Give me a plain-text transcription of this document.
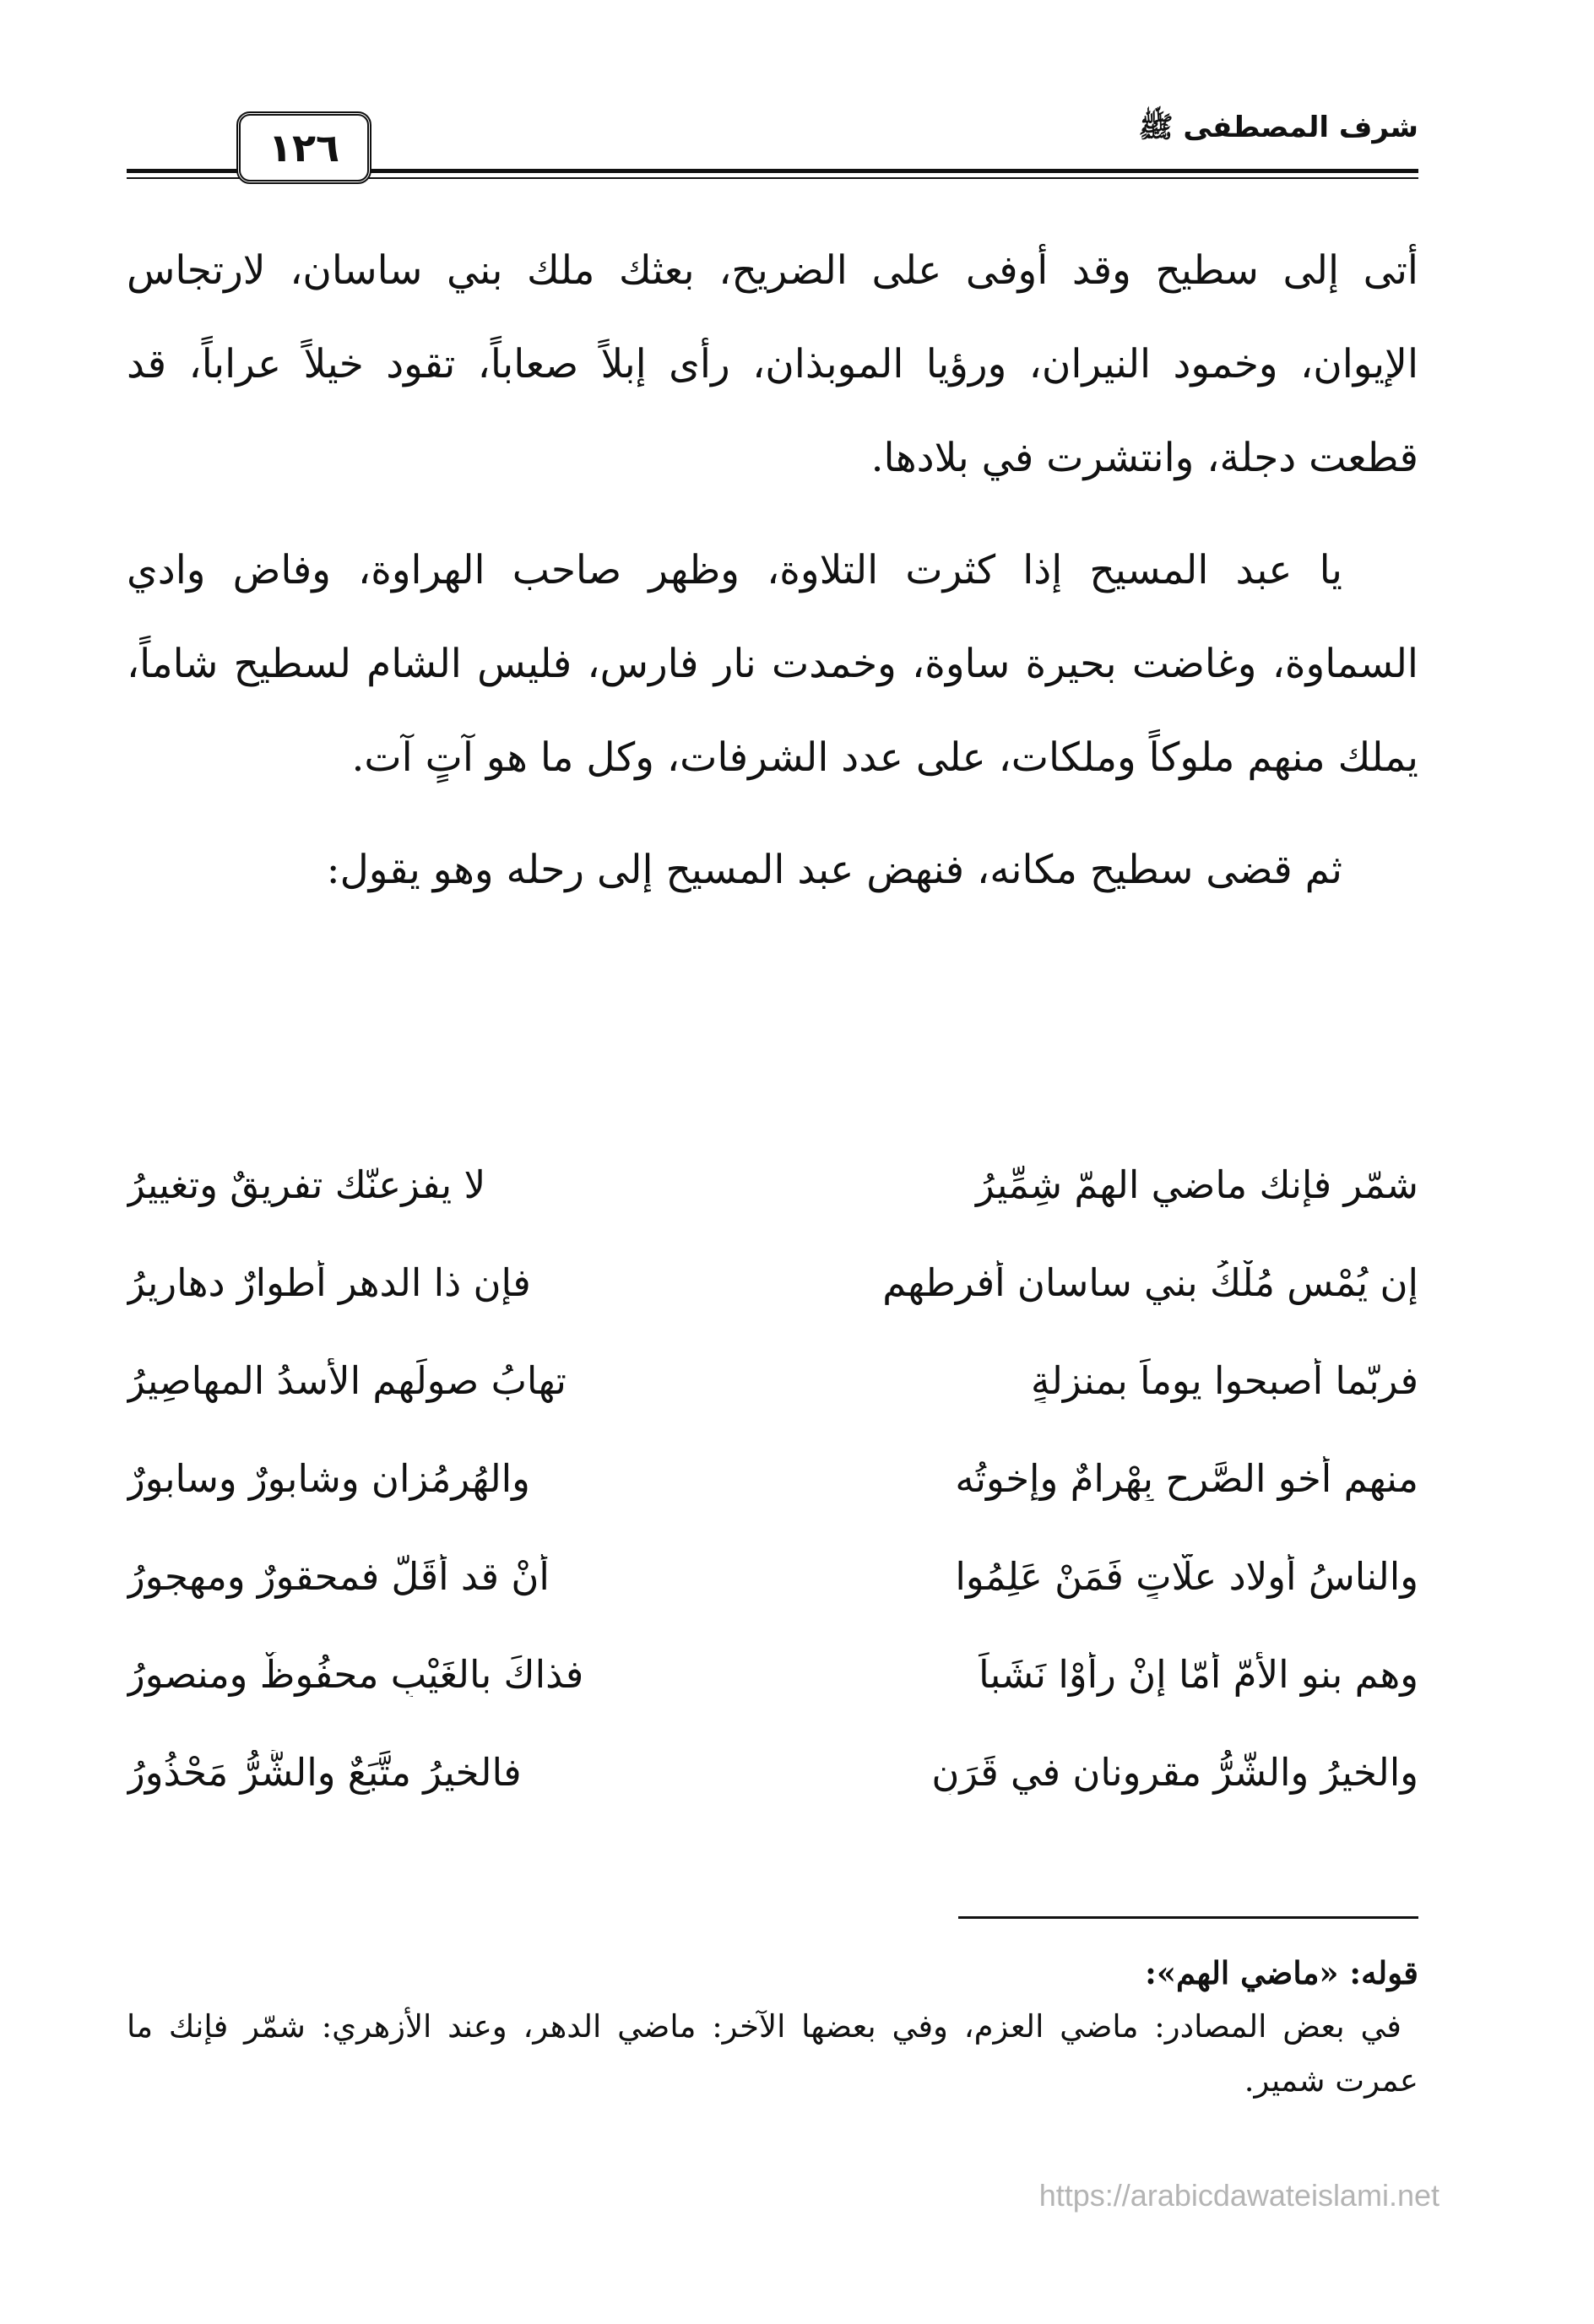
شرف المصطفى ﷺ
١٢٦

أتى إلى سطيح وقد أوفى على الضريح، بعثك ملك بني ساسان، لارتجاس الإيوان، وخمود النيران، ورؤيا الموبذان، رأى إبلاً صعاباً، تقود خيلاً عراباً، قد قطعت دجلة، وانتشرت في بلادها.

يا عبد المسيح إذا كثرت التلاوة، وظهر صاحب الهراوة، وفاض وادي السماوة، وغاضت بحيرة ساوة، وخمدت نار فارس، فليس الشام لسطيح شاماً، يملك منهم ملوكاً وملكات، على عدد الشرفات، وكل ما هو آتٍ آت.

ثم قضى سطيح مكانه، فنهض عبد المسيح إلى رحله وهو يقول:

شمّر فإنك ماضي الهمّ شِمِّيرُ
لا يفزعنّك تفريقٌ وتغييرُ
إن يُمْسِ مُلْكُ بني ساسان أفرطهم
فإن ذا الدهر أطوارٌ دهاريرُ
فربّما أصبحوا يوماً بمنزلةٍ
تهابُ صولَهم الأُسدُ المهاصِيرُ
منهم أخو الصَّرحِ بِهْرامٌ وإخوتُه
والهُرمُزانِ وشابورٌ وسابورٌ
والناسُ أولاد علّاتٍ فَمَنْ عَلِمُوا
أنْ قد أَقَلّ فمحقورٌ ومهجورُ
وهم بنو الأمّ أمّا إنْ رأوْا نَشَباً
فذاكَ بالغَيْبِ محفُوظٌ ومنصورُ
والخيرُ والشّرُّ مقرونانِ في قَرَنٍ
فالخيرُ متَّبَعٌ والشَّرُّ مَحْذُورُ

قوله: «ماضي الهم»:

في بعض المصادر: ماضي العزم، وفي بعضها الآخر: ماضي الدهر، وعند الأزهري: شمّر فإنك ما عمرت شمير.

https://arabicdawateislami.net
